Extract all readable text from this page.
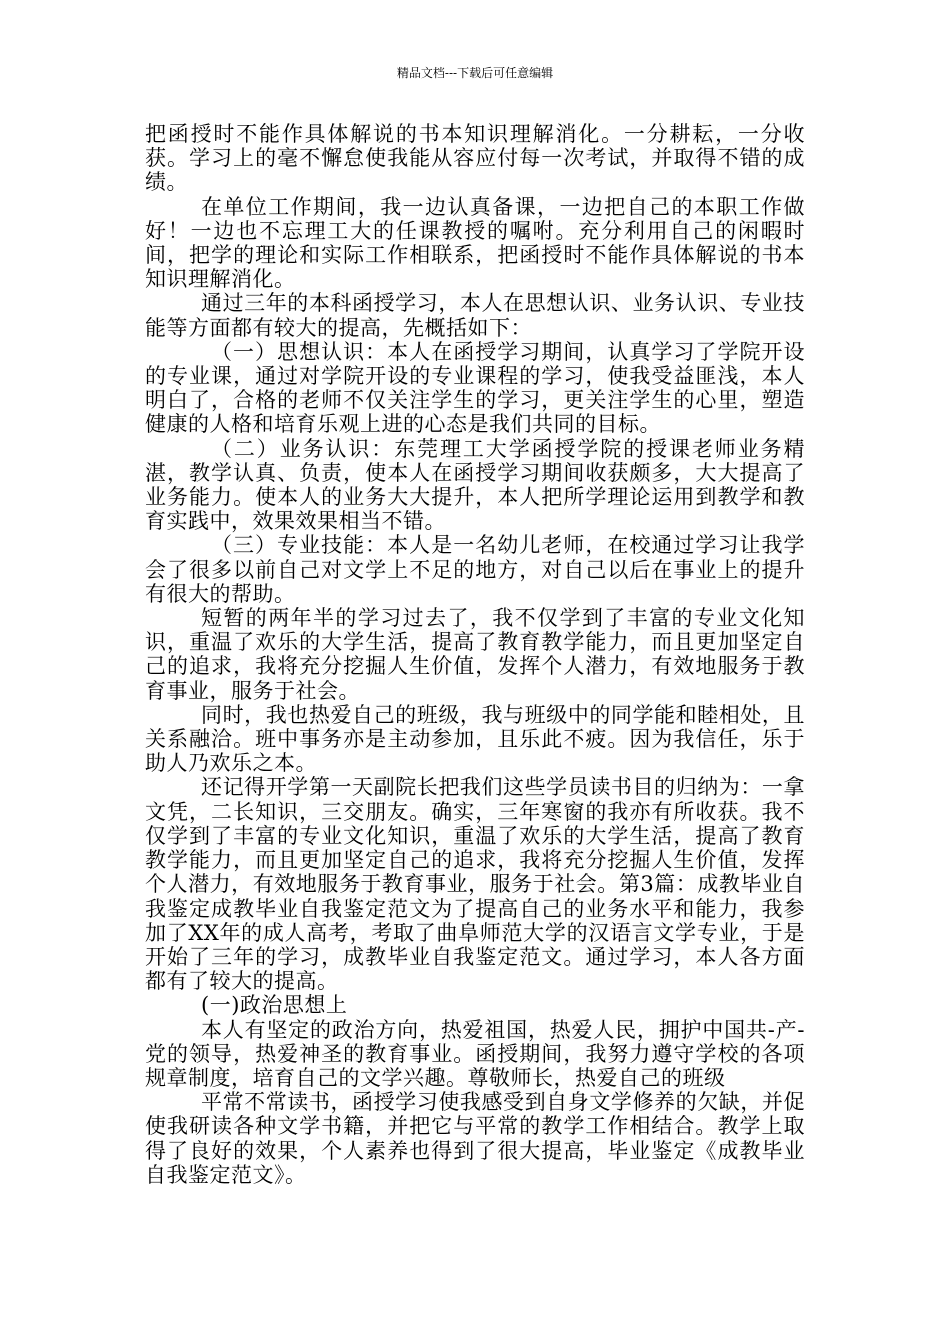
精品文档---下载后可任意编辑

把函授时不能作具体解说的书本知识理解消化。一分耕耘，一分收获。学习上的毫不懈怠使我能从容应付每一次考试，并取得不错的成绩。

在单位工作期间，我一边认真备课，一边把自己的本职工作做好！一边也不忘理工大的任课教授的嘱咐。充分利用自己的闲暇时间，把学的理论和实际工作相联系，把函授时不能作具体解说的书本知识理解消化。

通过三年的本科函授学习，本人在思想认识、业务认识、专业技能等方面都有较大的提高，先概括如下：

（一）思想认识：本人在函授学习期间，认真学习了学院开设的专业课，通过对学院开设的专业课程的学习，使我受益匪浅，本人明白了，合格的老师不仅关注学生的学习，更关注学生的心里，塑造健康的人格和培育乐观上进的心态是我们共同的目标。

（二）业务认识：东莞理工大学函授学院的授课老师业务精湛，教学认真、负责，使本人在函授学习期间收获颇多，大大提高了业务能力。使本人的业务大大提升，本人把所学理论运用到教学和教育实践中，效果效果相当不错。

（三）专业技能：本人是一名幼儿老师，在校通过学习让我学会了很多以前自己对文学上不足的地方，对自己以后在事业上的提升有很大的帮助。

短暂的两年半的学习过去了，我不仅学到了丰富的专业文化知识，重温了欢乐的大学生活，提高了教育教学能力，而且更加坚定自己的追求，我将充分挖掘人生价值，发挥个人潜力，有效地服务于教育事业，服务于社会。

同时，我也热爱自己的班级，我与班级中的同学能和睦相处，且关系融洽。班中事务亦是主动参加，且乐此不疲。因为我信任，乐于助人乃欢乐之本。

还记得开学第一天副院长把我们这些学员读书目的归纳为：一拿文凭，二长知识，三交朋友。确实，三年寒窗的我亦有所收获。我不仅学到了丰富的专业文化知识，重温了欢乐的大学生活，提高了教育教学能力，而且更加坚定自己的追求，我将充分挖掘人生价值，发挥个人潜力，有效地服务于教育事业，服务于社会。第3篇：成教毕业自我鉴定成教毕业自我鉴定范文为了提高自己的业务水平和能力，我参加了XX年的成人高考，考取了曲阜师范大学的汉语言文学专业，于是开始了三年的学习，成教毕业自我鉴定范文。通过学习，本人各方面都有了较大的提高。

(一)政治思想上

本人有坚定的政治方向，热爱祖国，热爱人民，拥护中国共-产-党的领导，热爱神圣的教育事业。函授期间，我努力遵守学校的各项规章制度，培育自己的文学兴趣。尊敬师长，热爱自己的班级

平常不常读书，函授学习使我感受到自身文学修养的欠缺，并促使我研读各种文学书籍，并把它与平常的教学工作相结合。教学上取得了良好的效果，个人素养也得到了很大提高，毕业鉴定《成教毕业自我鉴定范文》。
